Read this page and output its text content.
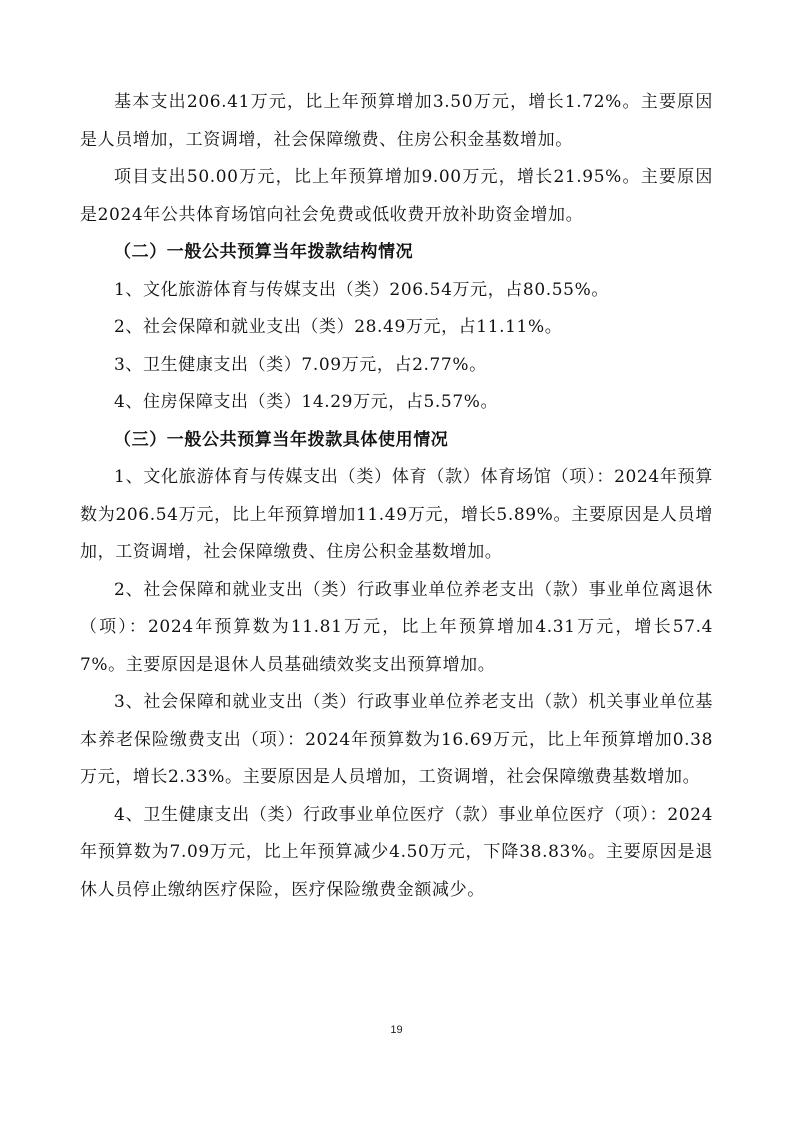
基本支出206.41万元，比上年预算增加3.50万元，增长1.72%。主要原因是人员增加，工资调增，社会保障缴费、住房公积金基数增加。

项目支出50.00万元，比上年预算增加9.00万元，增长21.95%。主要原因是2024年公共体育场馆向社会免费或低收费开放补助资金增加。

（二）一般公共预算当年拨款结构情况

1、文化旅游体育与传媒支出（类）206.54万元，占80.55%。

2、社会保障和就业支出（类）28.49万元，占11.11%。

3、卫生健康支出（类）7.09万元，占2.77%。

4、住房保障支出（类）14.29万元，占5.57%。

（三）一般公共预算当年拨款具体使用情况

1、文化旅游体育与传媒支出（类）体育（款）体育场馆（项）：2024年预算数为206.54万元，比上年预算增加11.49万元，增长5.89%。主要原因是人员增加，工资调增，社会保障缴费、住房公积金基数增加。

2、社会保障和就业支出（类）行政事业单位养老支出（款）事业单位离退休（项）：2024年预算数为11.81万元，比上年预算增加4.31万元，增长57.47%。主要原因是退休人员基础绩效奖支出预算增加。

3、社会保障和就业支出（类）行政事业单位养老支出（款）机关事业单位基本养老保险缴费支出（项）：2024年预算数为16.69万元，比上年预算增加0.38万元，增长2.33%。主要原因是人员增加，工资调增，社会保障缴费基数增加。

4、卫生健康支出（类）行政事业单位医疗（款）事业单位医疗（项）：2024年预算数为7.09万元，比上年预算减少4.50万元，下降38.83%。主要原因是退休人员停止缴纳医疗保险，医疗保险缴费金额减少。

19
